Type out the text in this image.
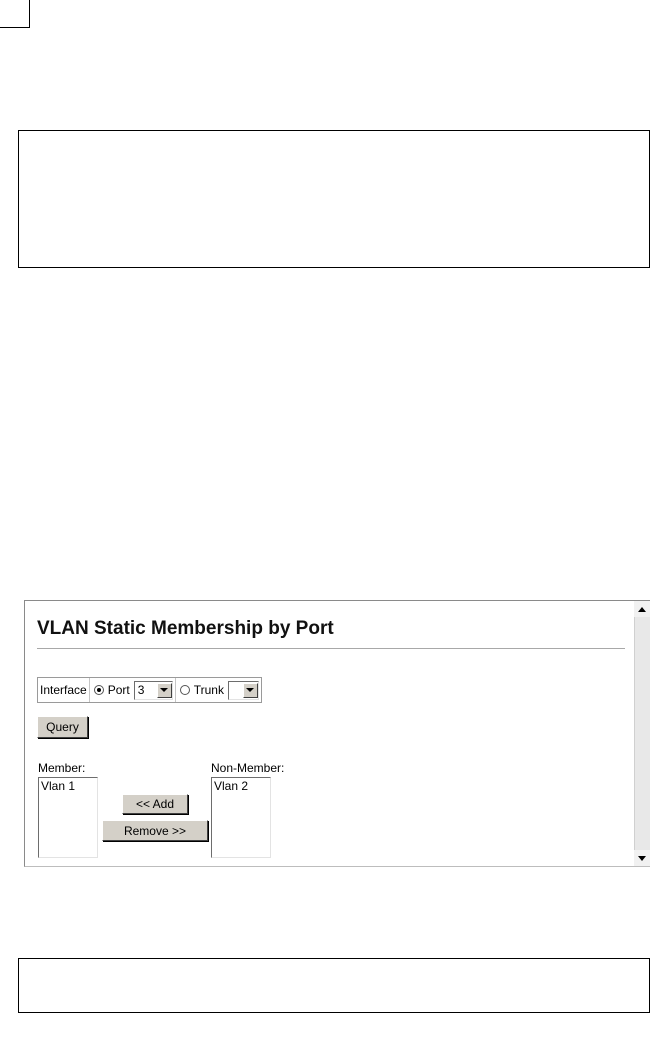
VLAN Static Membership by Port
Interface Port 3	Trunk
Query
Member:
Vlan 1
<< Add
Remove >>
Non-Member:
Vlan 2
